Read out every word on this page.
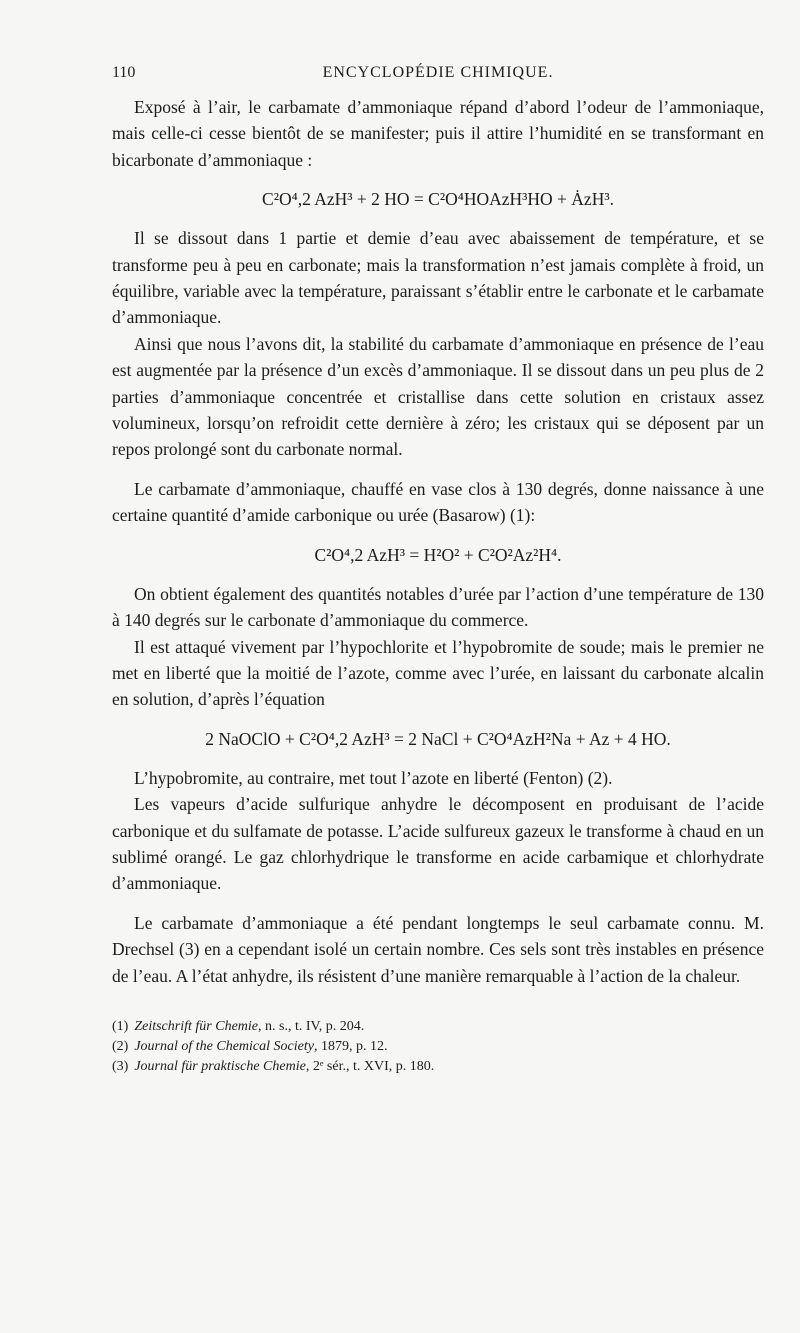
110	ENCYCLOPÉDIE CHIMIQUE.

Exposé à l’air, le carbamate d’ammoniaque répand d’abord l’odeur de l’ammoniaque, mais celle-ci cesse bientôt de se manifester; puis il attire l’humidité en se transformant en bicarbonate d’ammoniaque :

C²O⁴,2 AzH³ + 2 HO = C²O⁴HOAzH³HO + ȦzH³.

Il se dissout dans 1 partie et demie d’eau avec abaissement de température, et se transforme peu à peu en carbonate; mais la transformation n’est jamais complète à froid, un équilibre, variable avec la température, paraissant s’établir entre le carbonate et le carbamate d’ammoniaque.

Ainsi que nous l’avons dit, la stabilité du carbamate d’ammoniaque en présence de l’eau est augmentée par la présence d’un excès d’ammoniaque. Il se dissout dans un peu plus de 2 parties d’ammoniaque concentrée et cristallise dans cette solution en cristaux assez volumineux, lorsqu’on refroidit cette dernière à zéro; les cristaux qui se déposent par un repos prolongé sont du carbonate normal.

Le carbamate d’ammoniaque, chauffé en vase clos à 130 degrés, donne naissance à une certaine quantité d’amide carbonique ou urée (Basarow) (1):

C²O⁴,2 AzH³ = H²O² + C²O²Az²H⁴.

On obtient également des quantités notables d’urée par l’action d’une température de 130 à 140 degrés sur le carbonate d’ammoniaque du commerce.

Il est attaqué vivement par l’hypochlorite et l’hypobromite de soude; mais le premier ne met en liberté que la moitié de l’azote, comme avec l’urée, en laissant du carbonate alcalin en solution, d’après l’équation

2 NaOClO + C²O⁴,2 AzH³ = 2 NaCl + C²O⁴AzH²Na + Az + 4 HO.

L’hypobromite, au contraire, met tout l’azote en liberté (Fenton) (2).

Les vapeurs d’acide sulfurique anhydre le décomposent en produisant de l’acide carbonique et du sulfamate de potasse. L’acide sulfureux gazeux le transforme à chaud en un sublimé orangé. Le gaz chlorhydrique le transforme en acide carbamique et chlorhydrate d’ammoniaque.

Le carbamate d’ammoniaque a été pendant longtemps le seul carbamate connu. M. Drechsel (3) en a cependant isolé un certain nombre. Ces sels sont très instables en présence de l’eau. A l’état anhydre, ils résistent d’une manière remarquable à l’action de la chaleur.

(1) Zeitschrift für Chemie, n. s., t. IV, p. 204.
(2) Journal of the Chemical Society, 1879, p. 12.
(3) Journal für praktische Chemie, 2ᵉ sér., t. XVI, p. 180.
